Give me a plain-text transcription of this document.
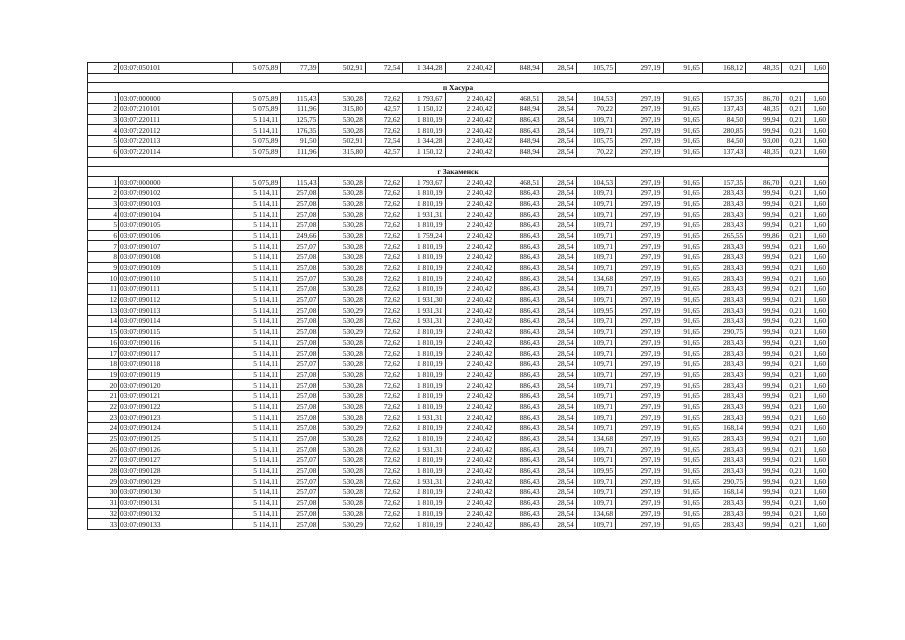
2	03:07:050101	5 075,89	77,39	502,91	72,54	1 344,28	2 240,42	848,94	28,54	105,75	297,19	91,65	168,12	48,35	0,21	1,60

п Хасура																
1	03:07:000000	5 075,89	115,43	530,28	72,62	1 793,67	2 240,42	468,51	28,54	104,53	297,19	91,65	157,35	86,70	0,21	1,60
2	03:07:210101	5 075,89	111,96	315,80	42,57	1 150,12	2 240,42	848,94	28,54	70,22	297,19	91,65	137,43	48,35	0,21	1,60
3	03:07:220111	5 114,11	125,75	530,28	72,62	1 810,19	2 240,42	886,43	28,54	109,71	297,19	91,65	84,50	99,94	0,21	1,60
4	03:07:220112	5 114,11	176,35	530,28	72,62	1 810,19	2 240,42	886,43	28,54	109,71	297,19	91,65	280,85	99,94	0,21	1,60
5	03:07:220113	5 075,89	91,50	502,91	72,54	1 344,28	2 240,42	848,94	28,54	105,75	297,19	91,65	84,50	93,00	0,21	1,60
6	03:07:220114	5 075,89	111,96	315,80	42,57	1 150,12	2 240,42	848,94	28,54	70,22	297,19	91,65	137,43	48,35	0,21	1,60

г Закаменск																
1	03:07:000000	5 075,89	115,43	530,28	72,62	1 793,67	2 240,42	468,51	28,54	104,53	297,19	91,65	157,35	86,70	0,21	1,60
2	03:07:090102	5 114,11	257,08	530,28	72,62	1 810,19	2 240,42	886,43	28,54	109,71	297,19	91,65	283,43	99,94	0,21	1,60
3	03:07:090103	5 114,11	257,08	530,28	72,62	1 810,19	2 240,42	886,43	28,54	109,71	297,19	91,65	283,43	99,94	0,21	1,60
4	03:07:090104	5 114,11	257,08	530,28	72,62	1 931,31	2 240,42	886,43	28,54	109,71	297,19	91,65	283,43	99,94	0,21	1,60
5	03:07:090105	5 114,11	257,08	530,28	72,62	1 810,19	2 240,42	886,43	28,54	109,71	297,19	91,65	283,43	99,94	0,21	1,60
6	03:07:090106	5 114,11	249,66	530,28	72,62	1 759,24	2 240,42	886,43	28,54	109,71	297,19	91,65	265,55	99,86	0,21	1,60
7	03:07:090107	5 114,11	257,07	530,28	72,62	1 810,19	2 240,42	886,43	28,54	109,71	297,19	91,65	283,43	99,94	0,21	1,60
8	03:07:090108	5 114,11	257,08	530,28	72,62	1 810,19	2 240,42	886,43	28,54	109,71	297,19	91,65	283,43	99,94	0,21	1,60
9	03:07:090109	5 114,11	257,08	530,28	72,62	1 810,19	2 240,42	886,43	28,54	109,71	297,19	91,65	283,43	99,94	0,21	1,60
10	03:07:090110	5 114,11	257,07	530,28	72,62	1 810,19	2 240,42	886,43	28,54	134,68	297,19	91,65	283,43	99,94	0,21	1,60
11	03:07:090111	5 114,11	257,08	530,28	72,62	1 810,19	2 240,42	886,43	28,54	109,71	297,19	91,65	283,43	99,94	0,21	1,60
12	03:07:090112	5 114,11	257,07	530,28	72,62	1 931,30	2 240,42	886,43	28,54	109,71	297,19	91,65	283,43	99,94	0,21	1,60
13	03:07:090113	5 114,11	257,08	530,29	72,62	1 931,31	2 240,42	886,43	28,54	109,95	297,19	91,65	283,43	99,94	0,21	1,60
14	03:07:090114	5 114,11	257,08	530,28	72,62	1 931,31	2 240,42	886,43	28,54	109,71	297,19	91,65	283,43	99,94	0,21	1,60
15	03:07:090115	5 114,11	257,08	530,29	72,62	1 810,19	2 240,42	886,43	28,54	109,71	297,19	91,65	290,75	99,94	0,21	1,60
16	03:07:090116	5 114,11	257,08	530,28	72,62	1 810,19	2 240,42	886,43	28,54	109,71	297,19	91,65	283,43	99,94	0,21	1,60
17	03:07:090117	5 114,11	257,08	530,28	72,62	1 810,19	2 240,42	886,43	28,54	109,71	297,19	91,65	283,43	99,94	0,21	1,60
18	03:07:090118	5 114,11	257,07	530,28	72,62	1 810,19	2 240,42	886,43	28,54	109,71	297,19	91,65	283,43	99,94	0,21	1,60
19	03:07:090119	5 114,11	257,08	530,28	72,62	1 810,19	2 240,42	886,43	28,54	109,71	297,19	91,65	283,43	99,94	0,21	1,60
20	03:07:090120	5 114,11	257,08	530,28	72,62	1 810,19	2 240,42	886,43	28,54	109,71	297,19	91,65	283,43	99,94	0,21	1,60
21	03:07:090121	5 114,11	257,08	530,28	72,62	1 810,19	2 240,42	886,43	28,54	109,71	297,19	91,65	283,43	99,94	0,21	1,60
22	03:07:090122	5 114,11	257,08	530,28	72,62	1 810,19	2 240,42	886,43	28,54	109,71	297,19	91,65	283,43	99,94	0,21	1,60
23	03:07:090123	5 114,11	257,08	530,28	72,62	1 931,31	2 240,42	886,43	28,54	109,71	297,19	91,65	283,43	99,94	0,21	1,60
24	03:07:090124	5 114,11	257,08	530,29	72,62	1 810,19	2 240,42	886,43	28,54	109,71	297,19	91,65	168,14	99,94	0,21	1,60
25	03:07:090125	5 114,11	257,08	530,28	72,62	1 810,19	2 240,42	886,43	28,54	134,68	297,19	91,65	283,43	99,94	0,21	1,60
26	03:07:090126	5 114,11	257,08	530,28	72,62	1 931,31	2 240,42	886,43	28,54	109,71	297,19	91,65	283,43	99,94	0,21	1,60
27	03:07:090127	5 114,11	257,07	530,28	72,62	1 810,19	2 240,42	886,43	28,54	109,71	297,19	91,65	283,43	99,94	0,21	1,60
28	03:07:090128	5 114,11	257,08	530,28	72,62	1 810,19	2 240,42	886,43	28,54	109,95	297,19	91,65	283,43	99,94	0,21	1,60
29	03:07:090129	5 114,11	257,07	530,28	72,62	1 931,31	2 240,42	886,43	28,54	109,71	297,19	91,65	290,75	99,94	0,21	1,60
30	03:07:090130	5 114,11	257,07	530,28	72,62	1 810,19	2 240,42	886,43	28,54	109,71	297,19	91,65	168,14	99,94	0,21	1,60
31	03:07:090131	5 114,11	257,08	530,28	72,62	1 810,19	2 240,42	886,43	28,54	109,71	297,19	91,65	283,43	99,94	0,21	1,60
32	03:07:090132	5 114,11	257,08	530,28	72,62	1 810,19	2 240,42	886,43	28,54	134,68	297,19	91,65	283,43	99,94	0,21	1,60
33	03:07:090133	5 114,11	257,08	530,29	72,62	1 810,19	2 240,42	886,43	28,54	109,71	297,19	91,65	283,43	99,94	0,21	1,60
